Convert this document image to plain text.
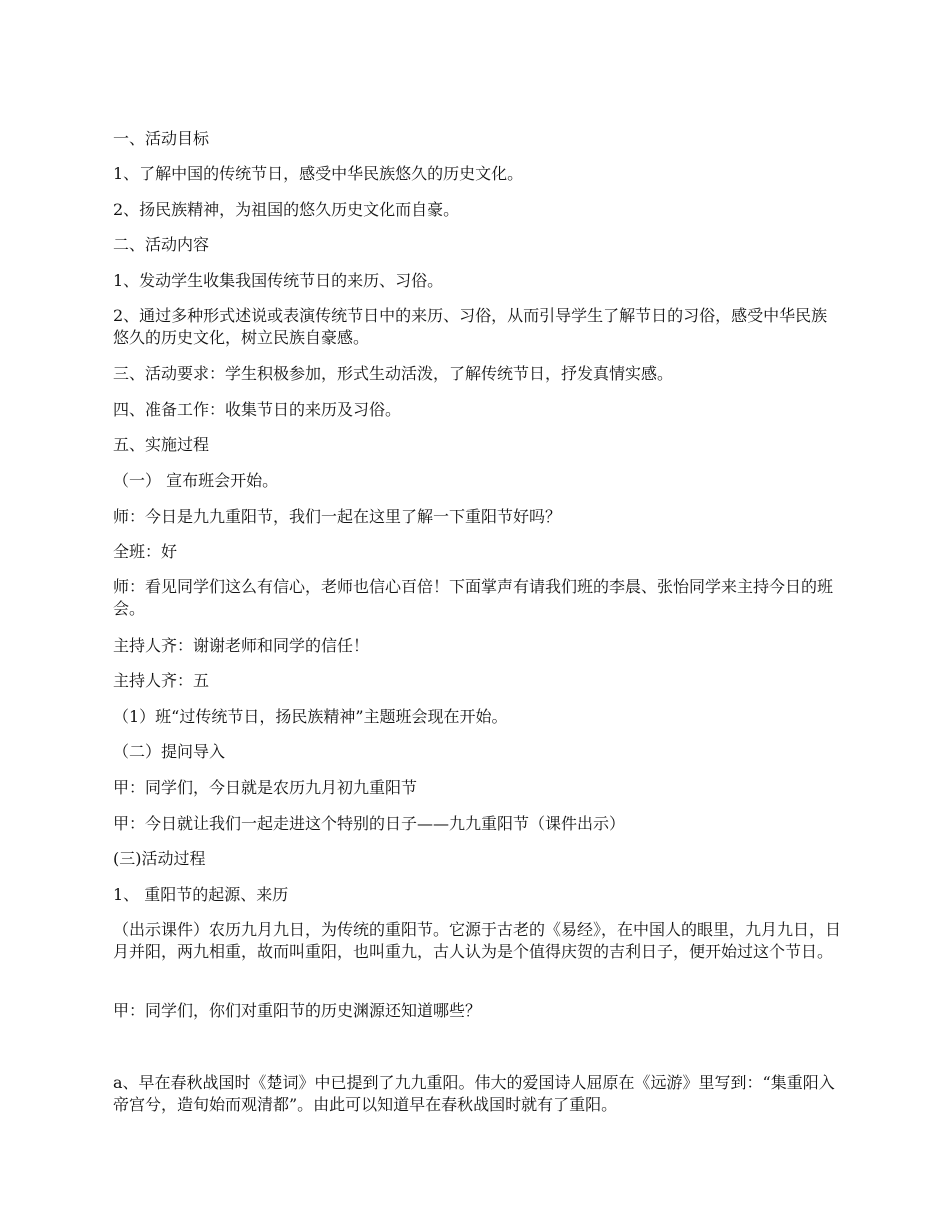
一、活动目标

1、了解中国的传统节日，感受中华民族悠久的历史文化。

2、扬民族精神，为祖国的悠久历史文化而自豪。

二、活动内容

1、发动学生收集我国传统节日的来历、习俗。

2、通过多种形式述说或表演传统节日中的来历、习俗，从而引导学生了解节日的习俗，感受中华民族悠久的历史文化，树立民族自豪感。

三、活动要求：学生积极参加，形式生动活泼，了解传统节日，抒发真情实感。

四、准备工作：收集节日的来历及习俗。

五、实施过程

（一） 宣布班会开始。

师：今日是九九重阳节，我们一起在这里了解一下重阳节好吗？

全班：好

师：看见同学们这么有信心，老师也信心百倍！下面掌声有请我们班的李晨、张怡同学来主持今日的班会。

主持人齐：谢谢老师和同学的信任！

主持人齐：五

（1）班“过传统节日，扬民族精神”主题班会现在开始。

（二）提问导入

甲：同学们，今日就是农历九月初九重阳节

甲：今日就让我们一起走进这个特别的日子——九九重阳节（课件出示）

(三)活动过程

1、 重阳节的起源、来历

（出示课件）农历九月九日，为传统的重阳节。它源于古老的《易经》，在中国人的眼里，九月九日，日月并阳，两九相重，故而叫重阳，也叫重九，古人认为是个值得庆贺的吉利日子，便开始过这个节日。

甲：同学们，你们对重阳节的历史渊源还知道哪些？

a、早在春秋战国时《楚词》中已提到了九九重阳。伟大的爱国诗人屈原在《远游》里写到：“集重阳入帝宫兮，造旬始而观清都”。由此可以知道早在春秋战国时就有了重阳。
